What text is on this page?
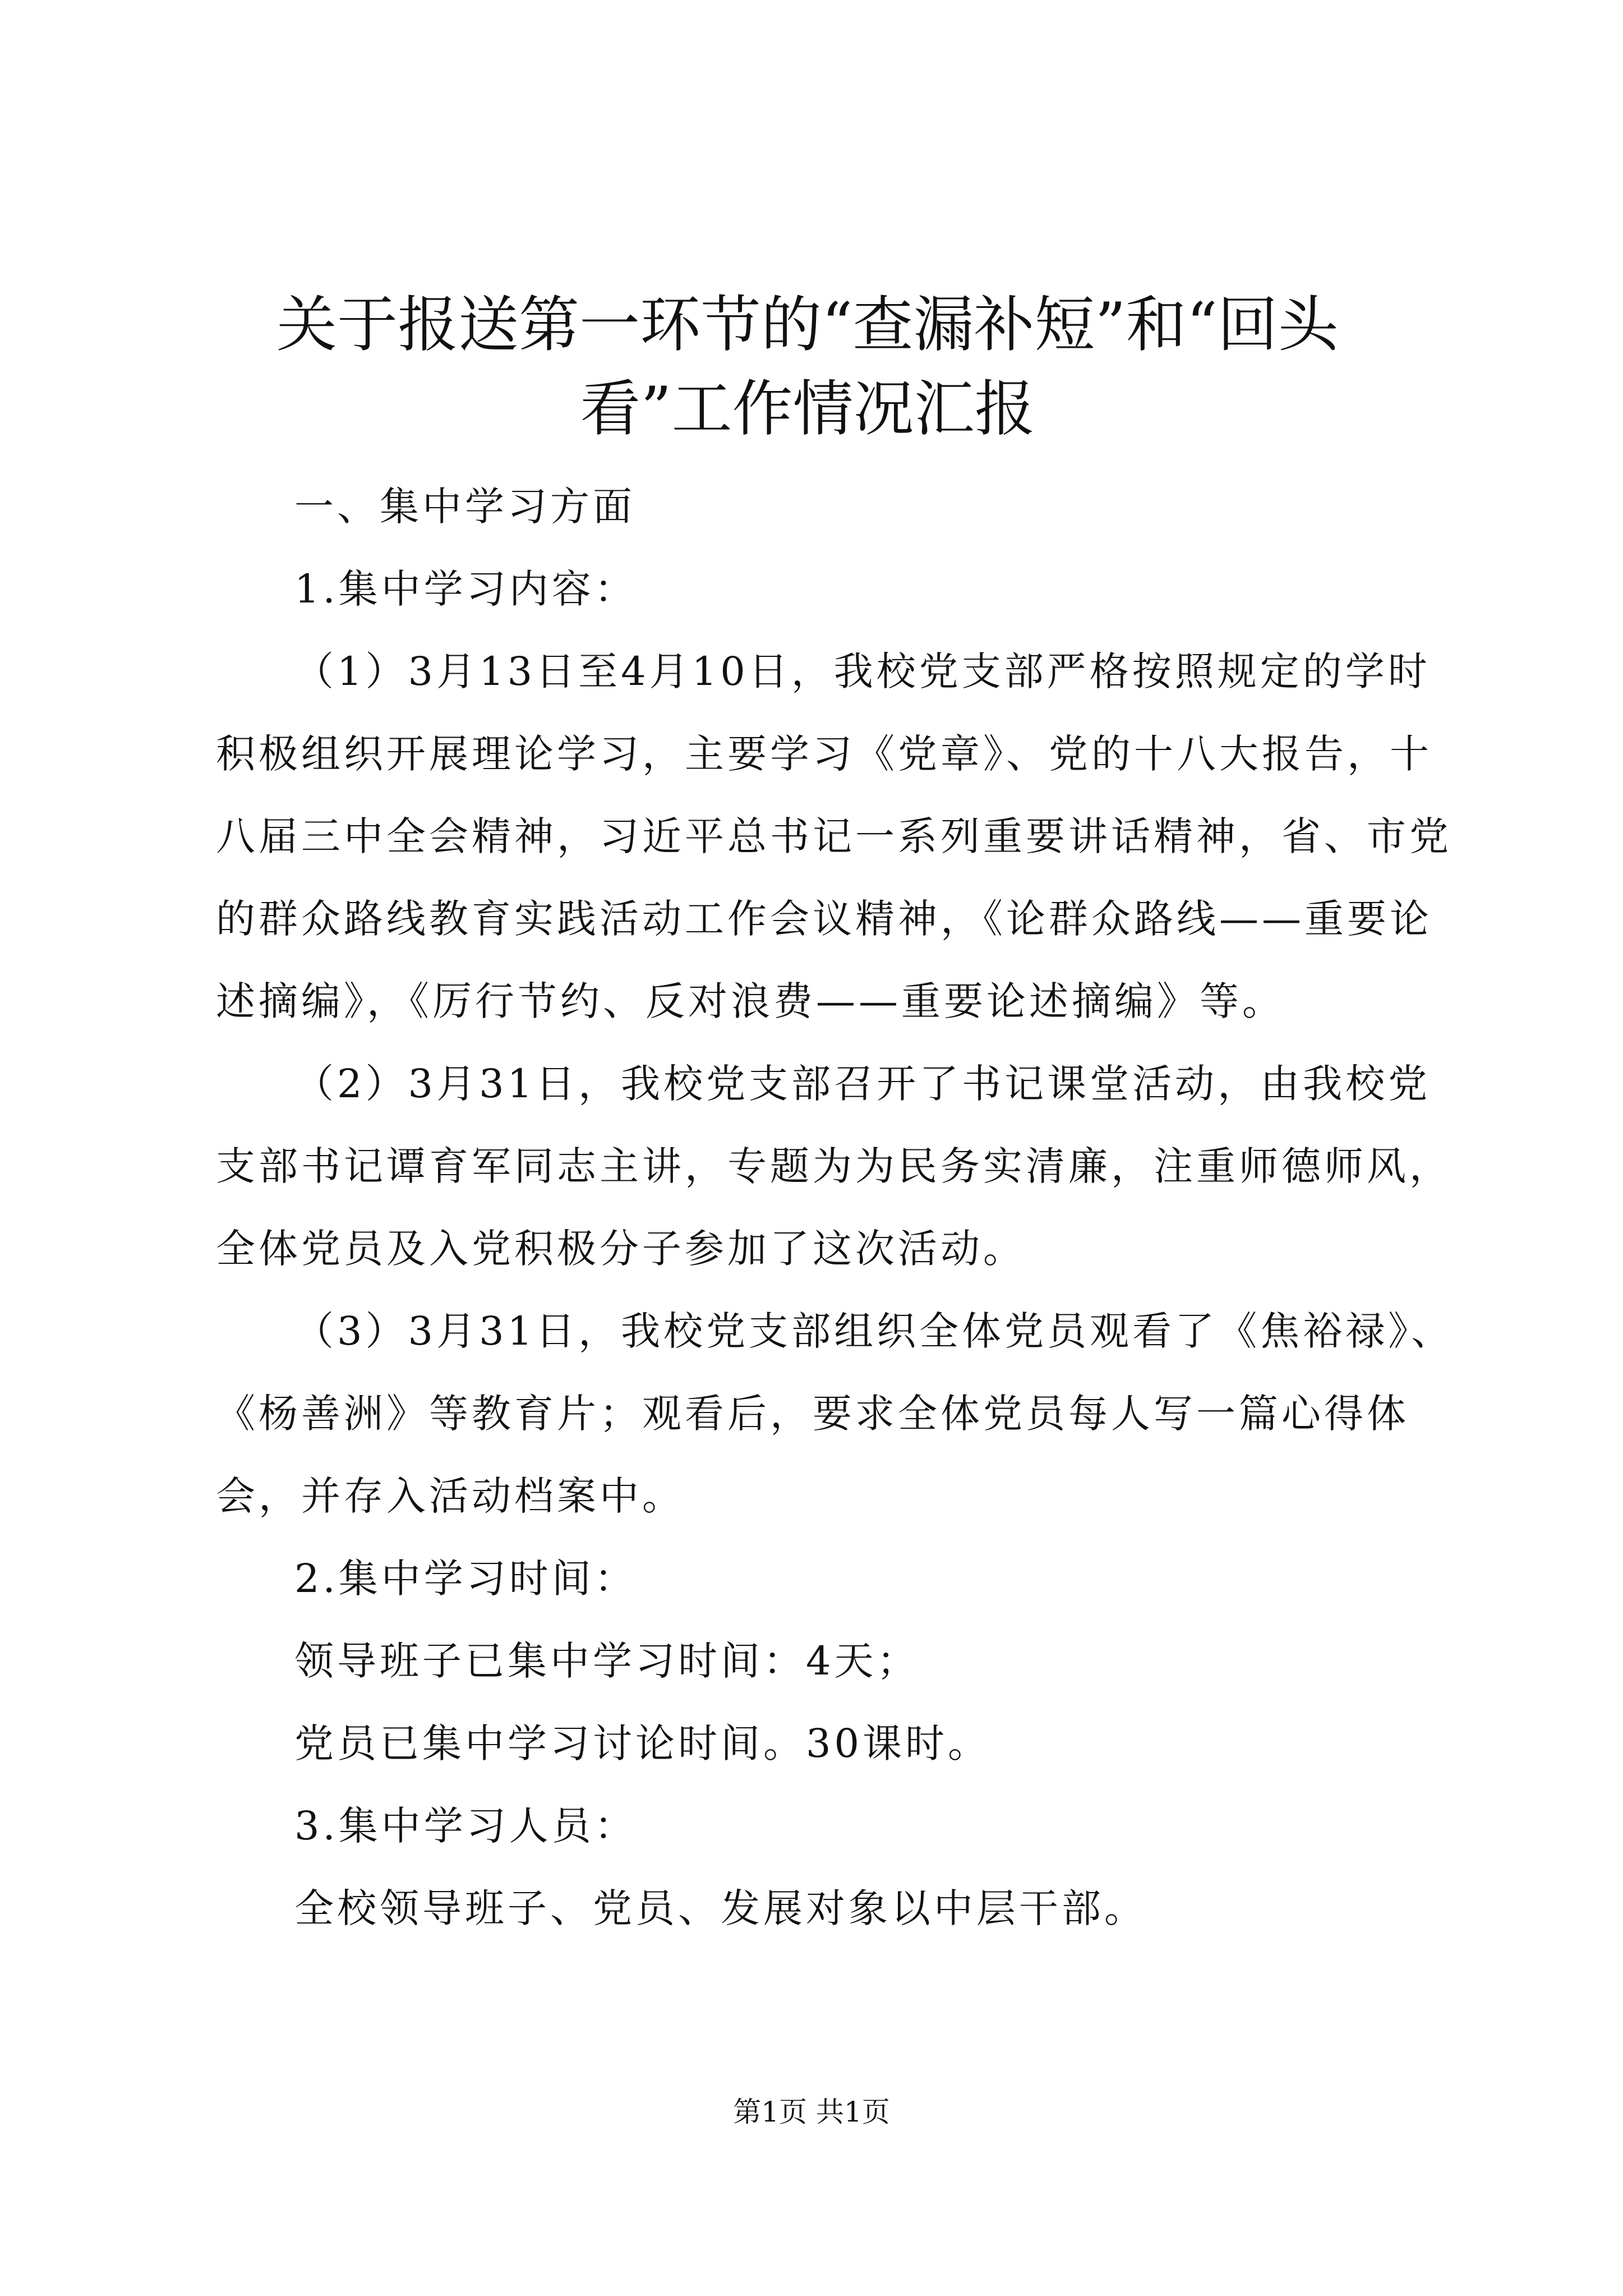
关于报送第一环节的“查漏补短”和“回头
看”工作情况汇报

一、集中学习方面

1.集中学习内容：

（1）3月13日至4月10日，我校党支部严格按照规定的学时积极组织开展理论学习，主要学习《党章》、党的十八大报告，十八届三中全会精神，习近平总书记一系列重要讲话精神，省、市党的群众路线教育实践活动工作会议精神，《论群众路线——重要论述摘编》，《厉行节约、反对浪费——重要论述摘编》等。

（2）3月31日，我校党支部召开了书记课堂活动，由我校党支部书记谭育军同志主讲，专题为为民务实清廉，注重师德师风，全体党员及入党积极分子参加了这次活动。

（3）3月31日，我校党支部组织全体党员观看了《焦裕禄》、《杨善洲》等教育片；观看后，要求全体党员每人写一篇心得体会，并存入活动档案中。

2.集中学习时间：

领导班子已集中学习时间：4天；

党员已集中学习讨论时间。30课时。

3.集中学习人员：

全校领导班子、党员、发展对象以中层干部。

第1页 共1页
